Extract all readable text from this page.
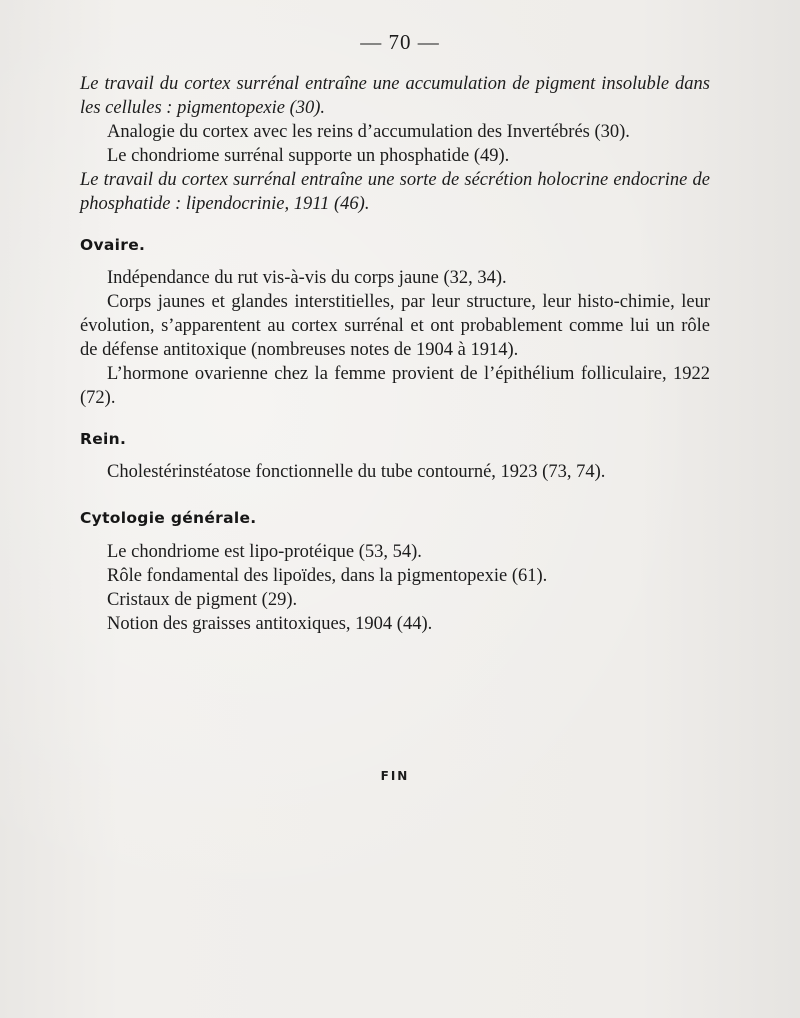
— 70 —

Le travail du cortex surrénal entraîne une accumulation de pigment insoluble dans les cellules : pigmentopexie (30).

Analogie du cortex avec les reins d’accumulation des Invertébrés (30).
Le chondriome surrénal supporte un phosphatide (49).

Le travail du cortex surrénal entraîne une sorte de sécrétion holocrine endocrine de phosphatide : lipendocrinie, 1911 (46).

Ovaire.
Indépendance du rut vis-à-vis du corps jaune (32, 34).

Corps jaunes et glandes interstitielles, par leur structure, leur histo-chimie, leur évolution, s’apparentent au cortex surrénal et ont probablement comme lui un rôle de défense antitoxique (nombreuses notes de 1904 à 1914).

L’hormone ovarienne chez la femme provient de l’épithélium folliculaire, 1922 (72).

Rein.
Cholestérinstéatose fonctionnelle du tube contourné, 1923 (73, 74).
Cytologie générale.
Le chondriome est lipo-protéique (53, 54).
Rôle fondamental des lipoïdes, dans la pigmentopexie (61).
Cristaux de pigment (29).
Notion des graisses antitoxiques, 1904 (44).
FIN
